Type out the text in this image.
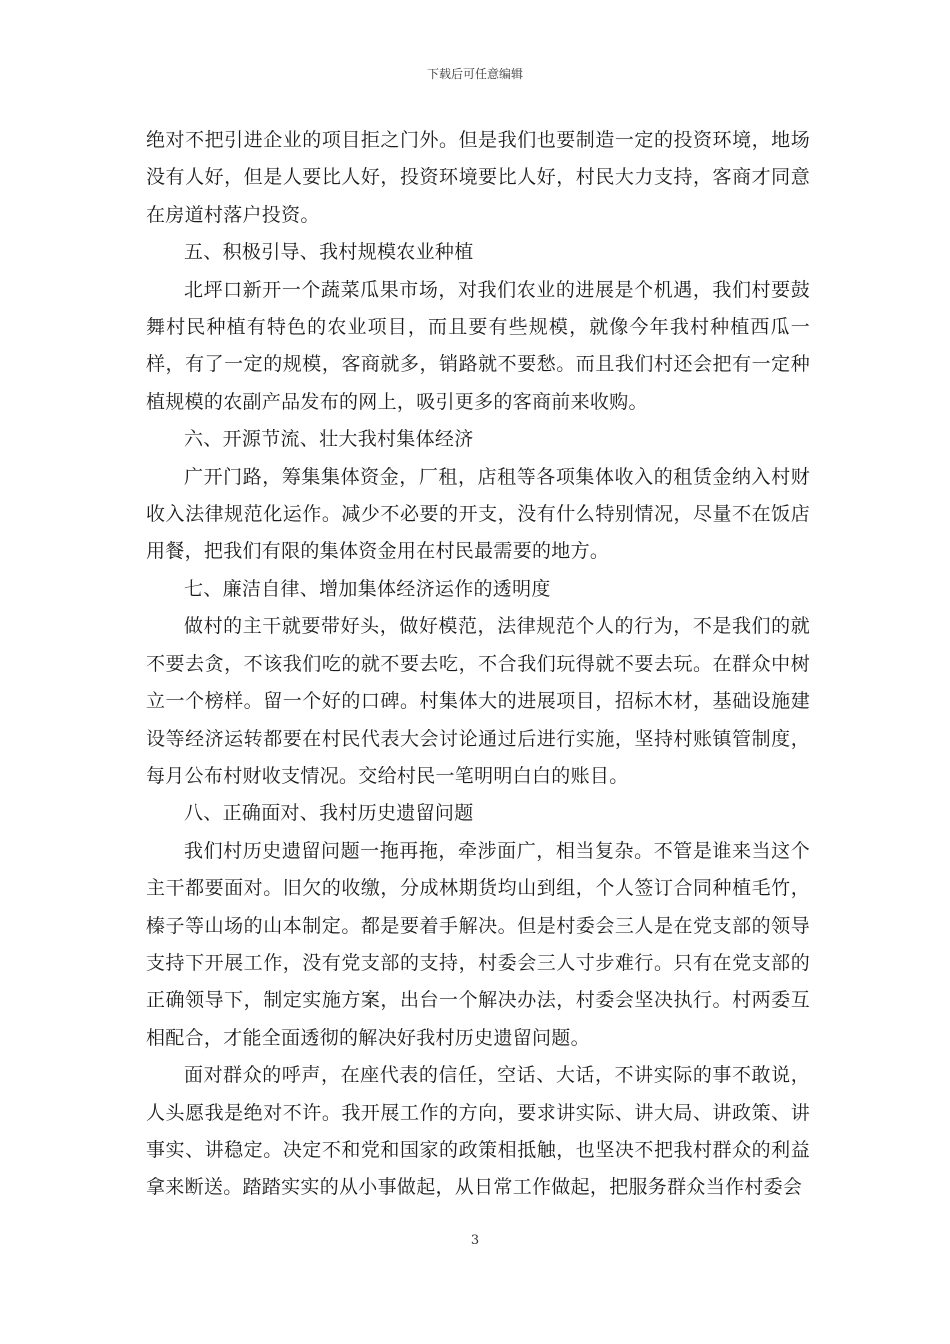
下载后可任意编辑

绝对不把引进企业的项目拒之门外。但是我们也要制造一定的投资环境，地场没有人好，但是人要比人好，投资环境要比人好，村民大力支持，客商才同意在房道村落户投资。

五、积极引导、我村规模农业种植

北坪口新开一个蔬菜瓜果市场，对我们农业的进展是个机遇，我们村要鼓舞村民种植有特色的农业项目，而且要有些规模，就像今年我村种植西瓜一样，有了一定的规模，客商就多，销路就不要愁。而且我们村还会把有一定种植规模的农副产品发布的网上，吸引更多的客商前来收购。

六、开源节流、壮大我村集体经济

广开门路，筹集集体资金，厂租，店租等各项集体收入的租赁金纳入村财收入法律规范化运作。减少不必要的开支，没有什么特别情况，尽量不在饭店用餐，把我们有限的集体资金用在村民最需要的地方。

七、廉洁自律、增加集体经济运作的透明度

做村的主干就要带好头，做好模范，法律规范个人的行为，不是我们的就不要去贪，不该我们吃的就不要去吃，不合我们玩得就不要去玩。在群众中树立一个榜样。留一个好的口碑。村集体大的进展项目，招标木材，基础设施建设等经济运转都要在村民代表大会讨论通过后进行实施，坚持村账镇管制度，每月公布村财收支情况。交给村民一笔明明白白的账目。

八、正确面对、我村历史遗留问题

我们村历史遗留问题一拖再拖，牵涉面广，相当复杂。不管是谁来当这个主干都要面对。旧欠的收缴，分成林期货均山到组，个人签订合同种植毛竹，榛子等山场的山本制定。都是要着手解决。但是村委会三人是在党支部的领导支持下开展工作，没有党支部的支持，村委会三人寸步难行。只有在党支部的正确领导下，制定实施方案，出台一个解决办法，村委会坚决执行。村两委互相配合，才能全面透彻的解决好我村历史遗留问题。

面对群众的呼声，在座代表的信任，空话、大话，不讲实际的事不敢说，人头愿我是绝对不许。我开展工作的方向，要求讲实际、讲大局、讲政策、讲事实、讲稳定。决定不和党和国家的政策相抵触，也坚决不把我村群众的利益拿来断送。踏踏实实的从小事做起，从日常工作做起，把服务群众当作村委会

3
